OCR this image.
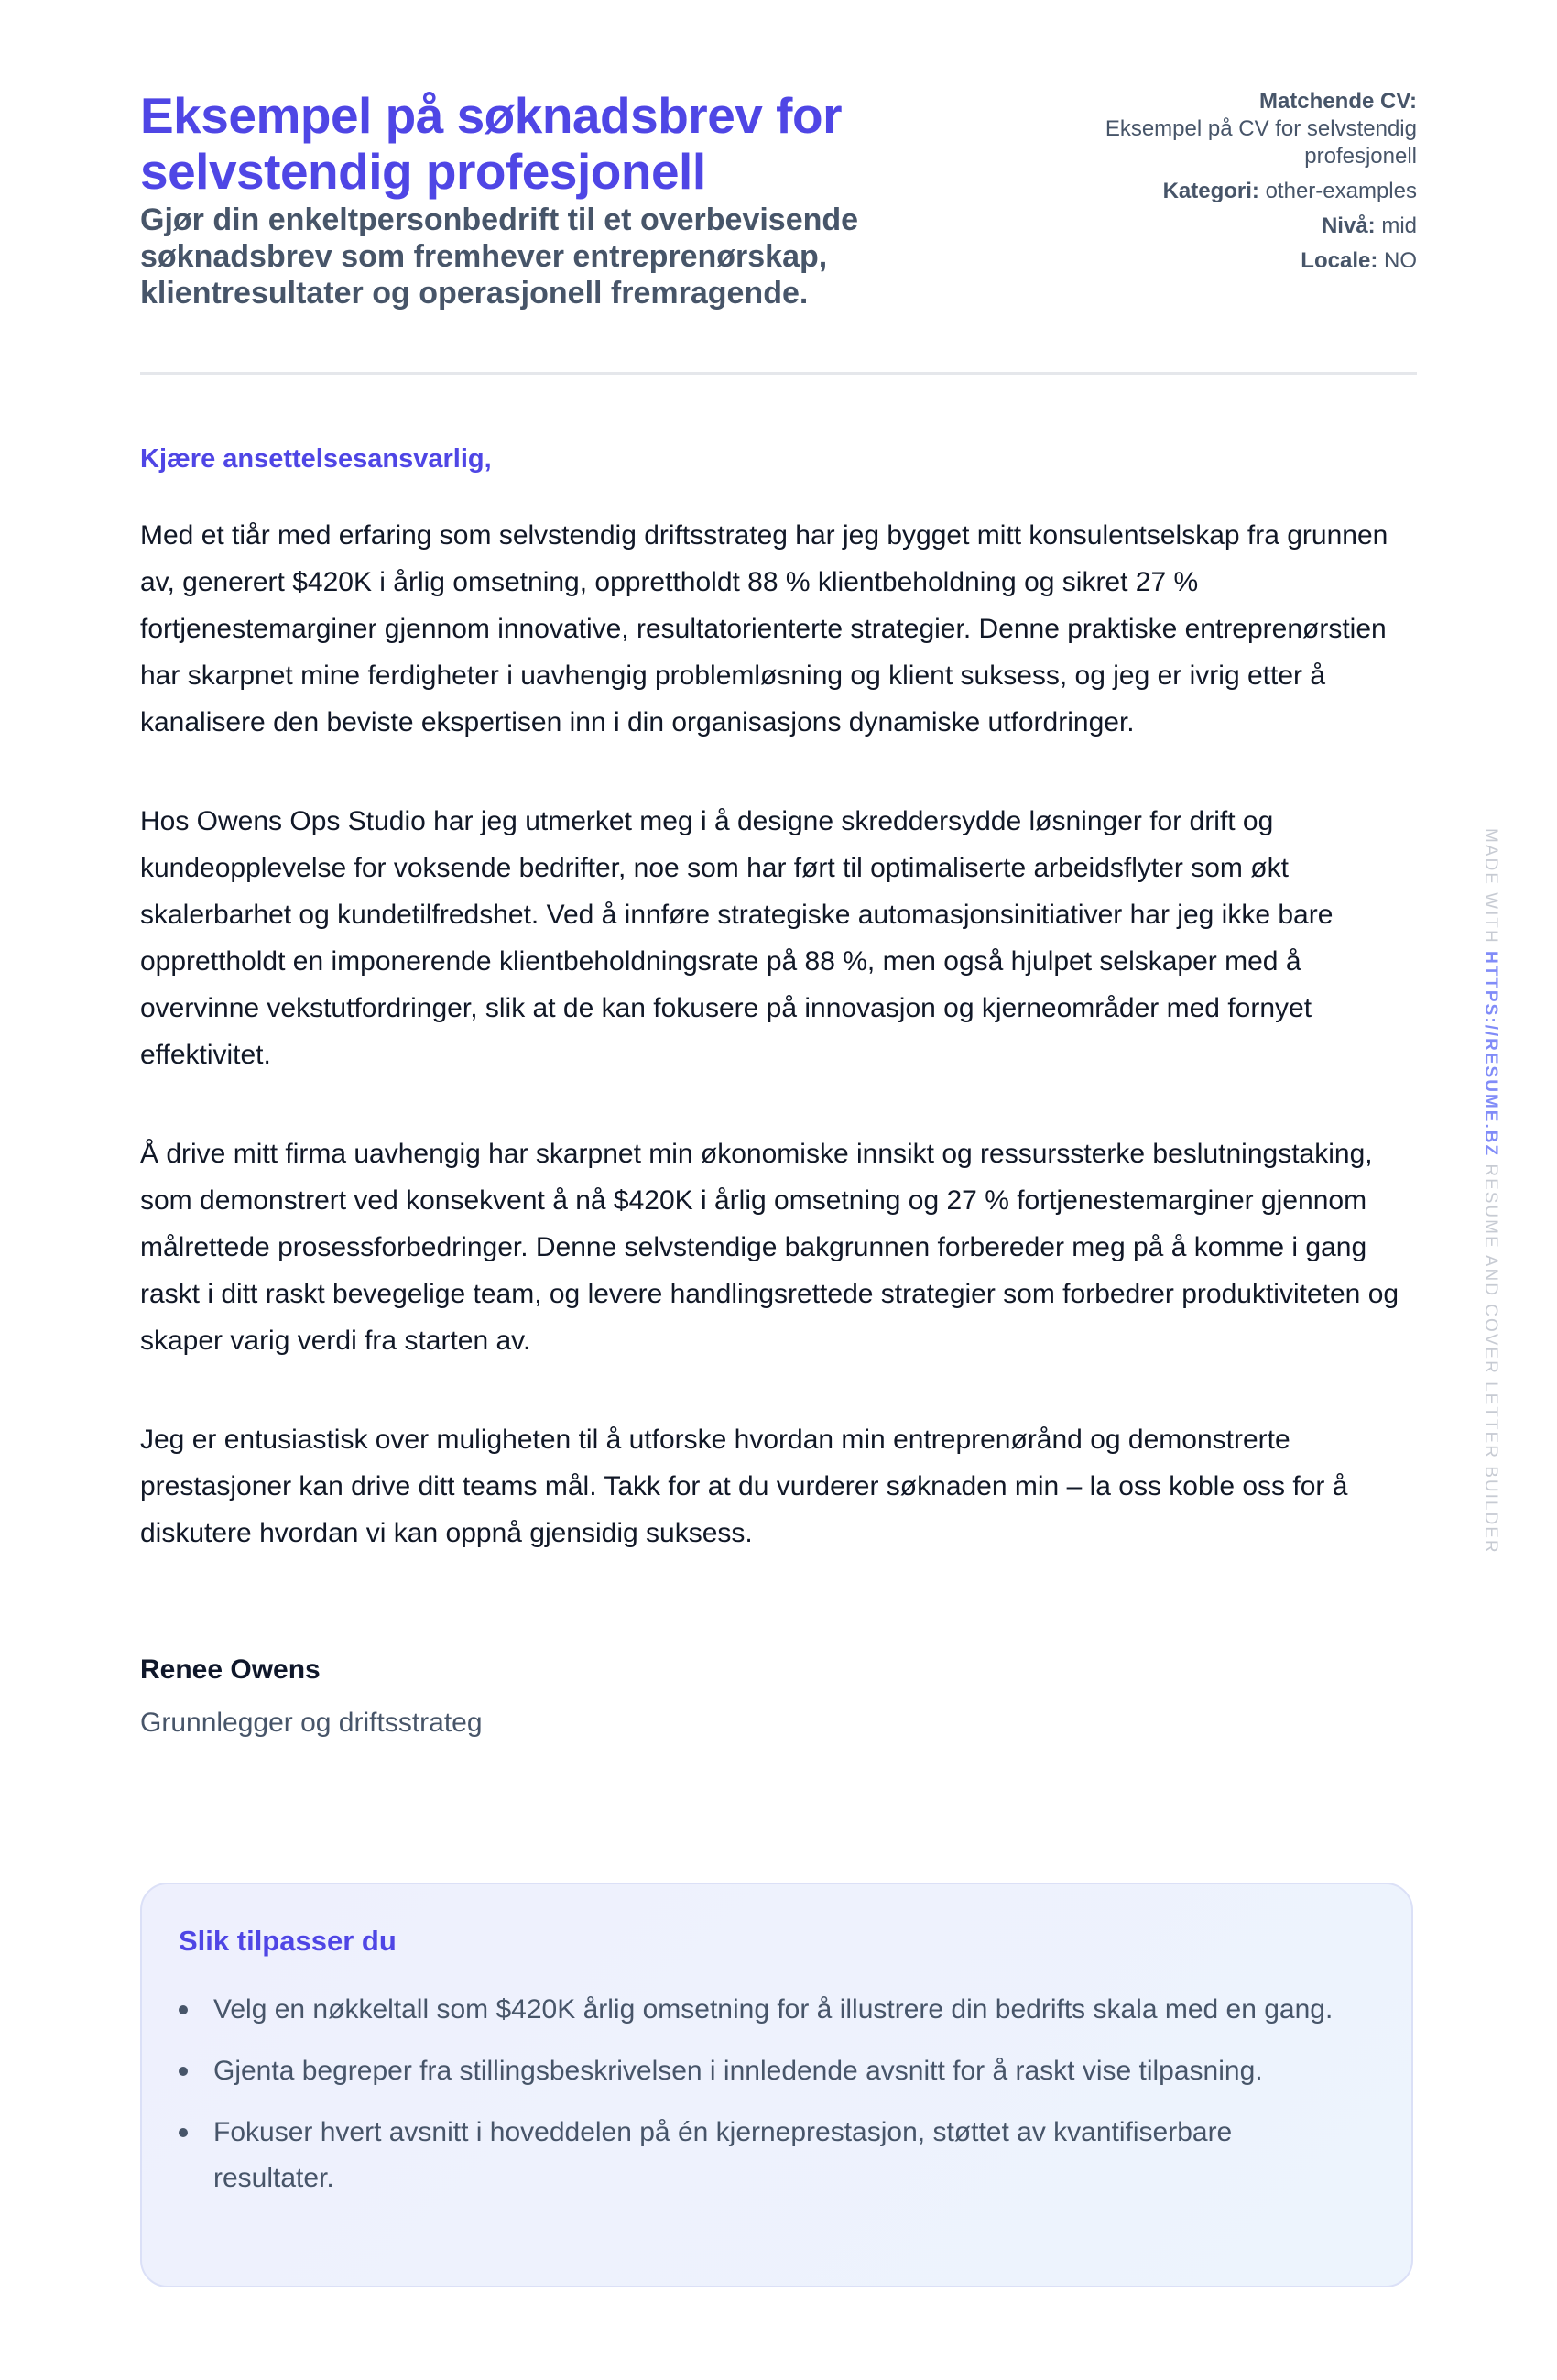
Eksempel på søknadsbrev for selvstendig profesjonell
Gjør din enkeltpersonbedrift til et overbevisende søknadsbrev som fremhever entreprenørskap, klientresultater og operasjonell fremragende.
Matchende CV:
Eksempel på CV for selvstendig profesjonell
Kategori: other-examples
Nivå: mid
Locale: NO

Kjære ansettelsesansvarlig,

Med et tiår med erfaring som selvstendig driftsstrateg har jeg bygget mitt konsulentselskap fra grunnen av, generert $420K i årlig omsetning, opprettholdt 88 % klientbeholdning og sikret 27 % fortjenestemarginer gjennom innovative, resultatorienterte strategier. Denne praktiske entreprenørstien har skarpnet mine ferdigheter i uavhengig problemløsning og klient suksess, og jeg er ivrig etter å kanalisere den beviste ekspertisen inn i din organisasjons dynamiske utfordringer.

Hos Owens Ops Studio har jeg utmerket meg i å designe skreddersydde løsninger for drift og kundeopplevelse for voksende bedrifter, noe som har ført til optimaliserte arbeidsflyter som økt skalerbarhet og kundetilfredshet. Ved å innføre strategiske automasjonsinitiativer har jeg ikke bare opprettholdt en imponerende klientbeholdningsrate på 88 %, men også hjulpet selskaper med å overvinne vekstutfordringer, slik at de kan fokusere på innovasjon og kjerneområder med fornyet effektivitet.

Å drive mitt firma uavhengig har skarpnet min økonomiske innsikt og ressurssterke beslutningstaking, som demonstrert ved konsekvent å nå $420K i årlig omsetning og 27 % fortjenestemarginer gjennom målrettede prosessforbedringer. Denne selvstendige bakgrunnen forbereder meg på å komme i gang raskt i ditt raskt bevegelige team, og levere handlingsrettede strategier som forbedrer produktiviteten og skaper varig verdi fra starten av.

Jeg er entusiastisk over muligheten til å utforske hvordan min entreprenørånd og demonstrerte prestasjoner kan drive ditt teams mål. Takk for at du vurderer søknaden min – la oss koble oss for å diskutere hvordan vi kan oppnå gjensidig suksess.

Renee Owens
Grunnlegger og driftsstrateg
Slik tilpasser du
Velg en nøkkeltall som $420K årlig omsetning for å illustrere din bedrifts skala med en gang.
Gjenta begreper fra stillingsbeskrivelsen i innledende avsnitt for å raskt vise tilpasning.
Fokuser hvert avsnitt i hoveddelen på én kjerneprestasjon, støttet av kvantifiserbare resultater.
MADE WITH HTTPS://RESUME.BZ RESUME AND COVER LETTER BUILDER
